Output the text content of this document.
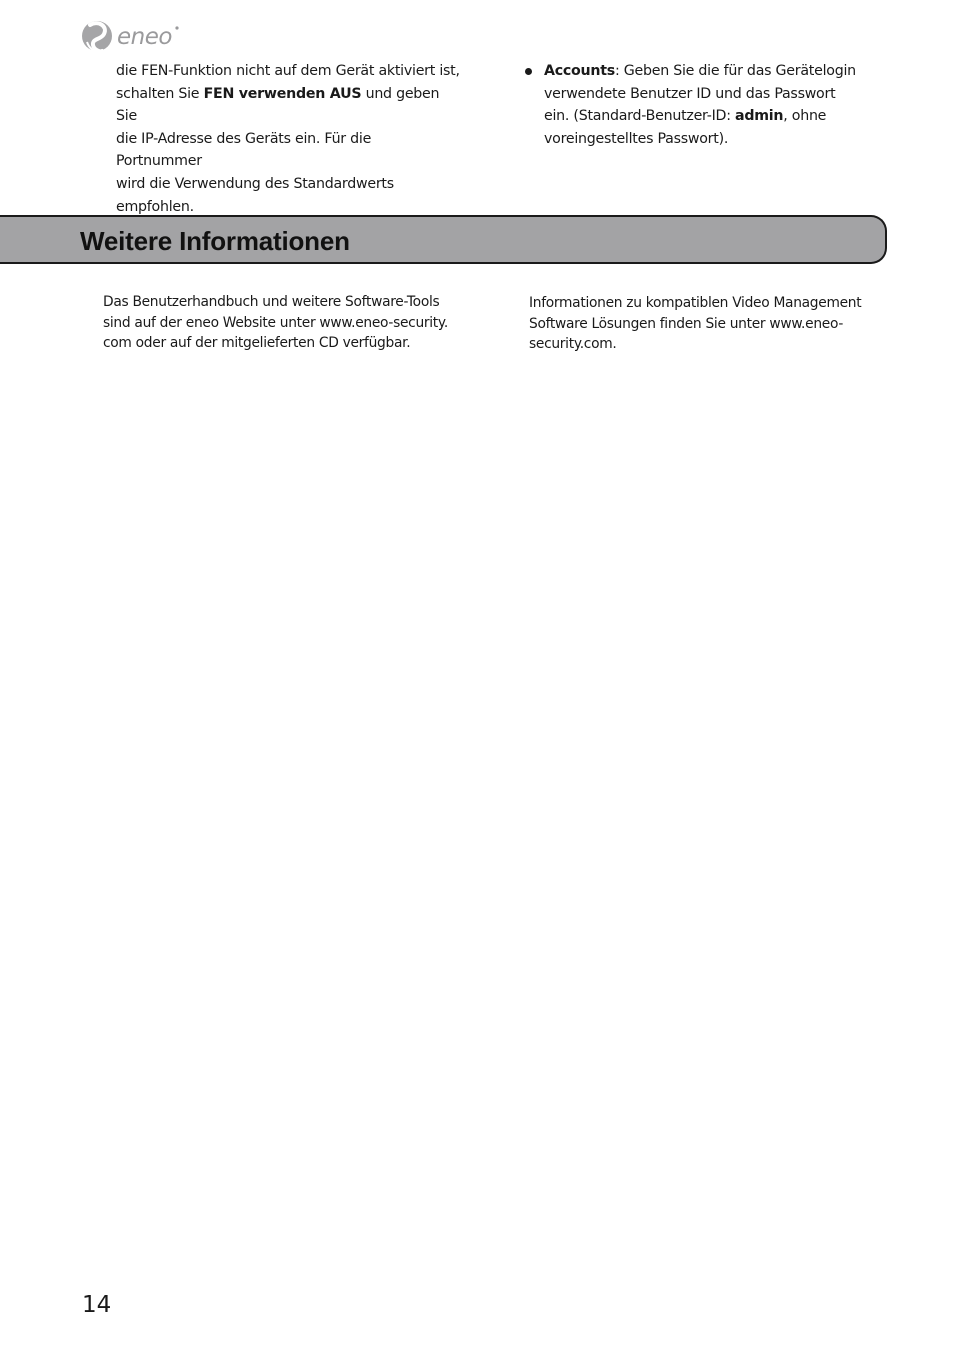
eneo
die FEN-Funktion nicht auf dem Gerät aktiviert ist,
schalten Sie FEN verwenden AUS und geben Sie
die IP-Adresse des Geräts ein. Für die Portnummer
wird die Verwendung des Standardwerts
empfohlen.
Accounts: Geben Sie die für das Gerätelogin
verwendete Benutzer ID und das Passwort
ein. (Standard-Benutzer-ID: admin, ohne
voreingestelltes Passwort).
Weitere Informationen
Das Benutzerhandbuch und weitere Software-Tools
sind auf der eneo Website unter www.eneo-security.
com oder auf der mitgelieferten CD verfügbar.
Informationen zu kompatiblen Video Management
Software Lösungen finden Sie unter www.eneo-
security.com.
14
